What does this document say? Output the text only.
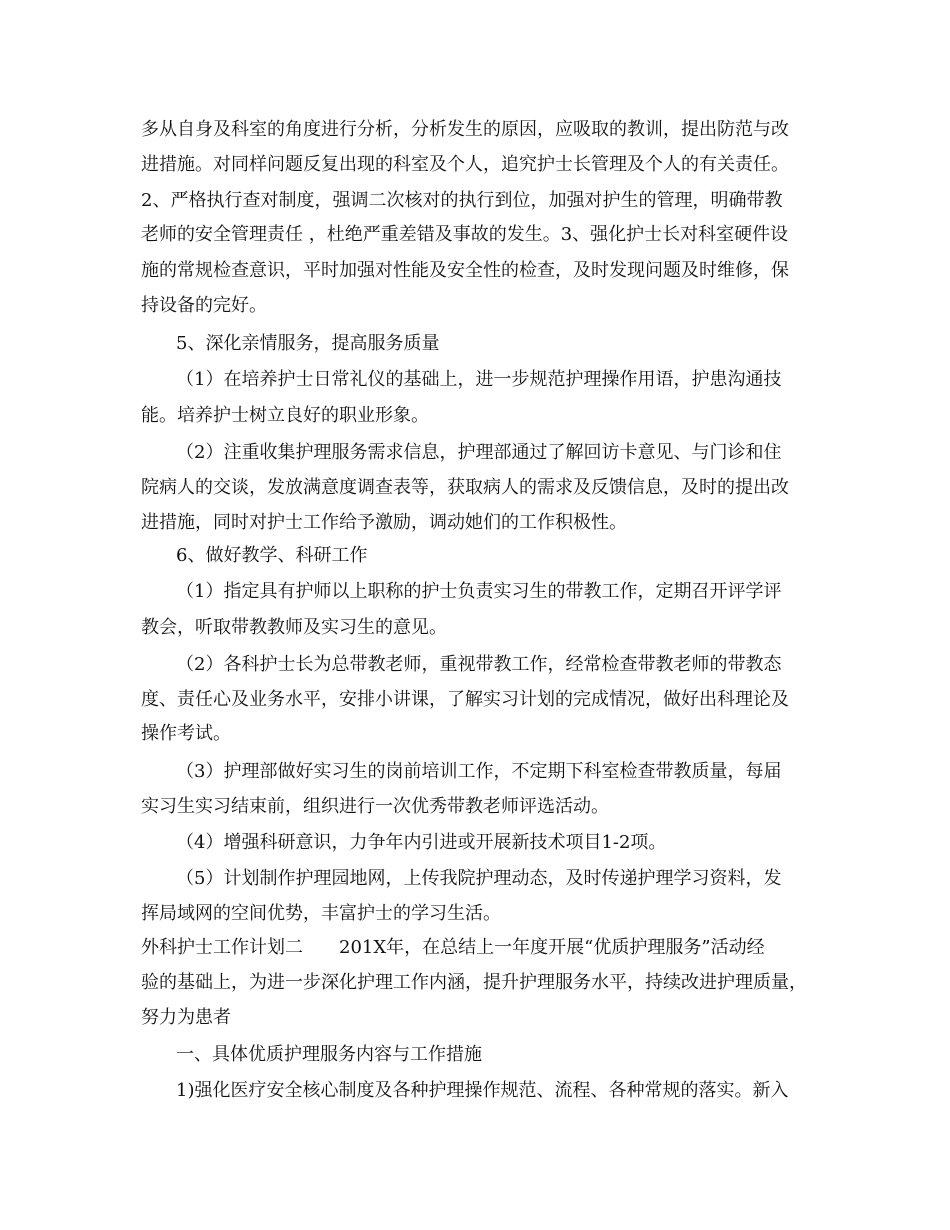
多从自身及科室的角度进行分析，分析发生的原因，应吸取的教训，提出防范与改
进措施。对同样问题反复出现的科室及个人，追究护士长管理及个人的有关责任。
2、严格执行查对制度，强调二次核对的执行到位，加强对护生的管理，明确带教
老师的安全管理责任 ，杜绝严重差错及事故的发生。3、强化护士长对科室硬件设
施的常规检查意识，平时加强对性能及安全性的检查，及时发现问题及时维修，保
持设备的完好。
5、深化亲情服务，提高服务质量
（1）在培养护士日常礼仪的基础上，进一步规范护理操作用语，护患沟通技
能。培养护士树立良好的职业形象。
（2）注重收集护理服务需求信息，护理部通过了解回访卡意见、与门诊和住
院病人的交谈，发放满意度调查表等，获取病人的需求及反馈信息，及时的提出改
进措施，同时对护士工作给予激励，调动她们的工作积极性。
6、做好教学、科研工作
（1）指定具有护师以上职称的护士负责实习生的带教工作，定期召开评学评
教会，听取带教教师及实习生的意见。
（2）各科护士长为总带教老师，重视带教工作，经常检查带教老师的带教态
度、责任心及业务水平，安排小讲课，了解实习计划的完成情况，做好出科理论及
操作考试。
（3）护理部做好实习生的岗前培训工作，不定期下科室检查带教质量，每届
实习生实习结束前，组织进行一次优秀带教老师评选活动。
（4）增强科研意识，力争年内引进或开展新技术项目1-2项。
（5）计划制作护理园地网，上传我院护理动态，及时传递护理学习资料，发
挥局域网的空间优势，丰富护士的学习生活。
外科护士工作计划二 201X年，在总结上一年度开展“优质护理服务”活动经
验的基础上，为进一步深化护理工作内涵，提升护理服务水平，持续改进护理质量，
努力为患者
一、具体优质护理服务内容与工作措施
1)强化医疗安全核心制度及各种护理操作规范、流程、各种常规的落实。新入
